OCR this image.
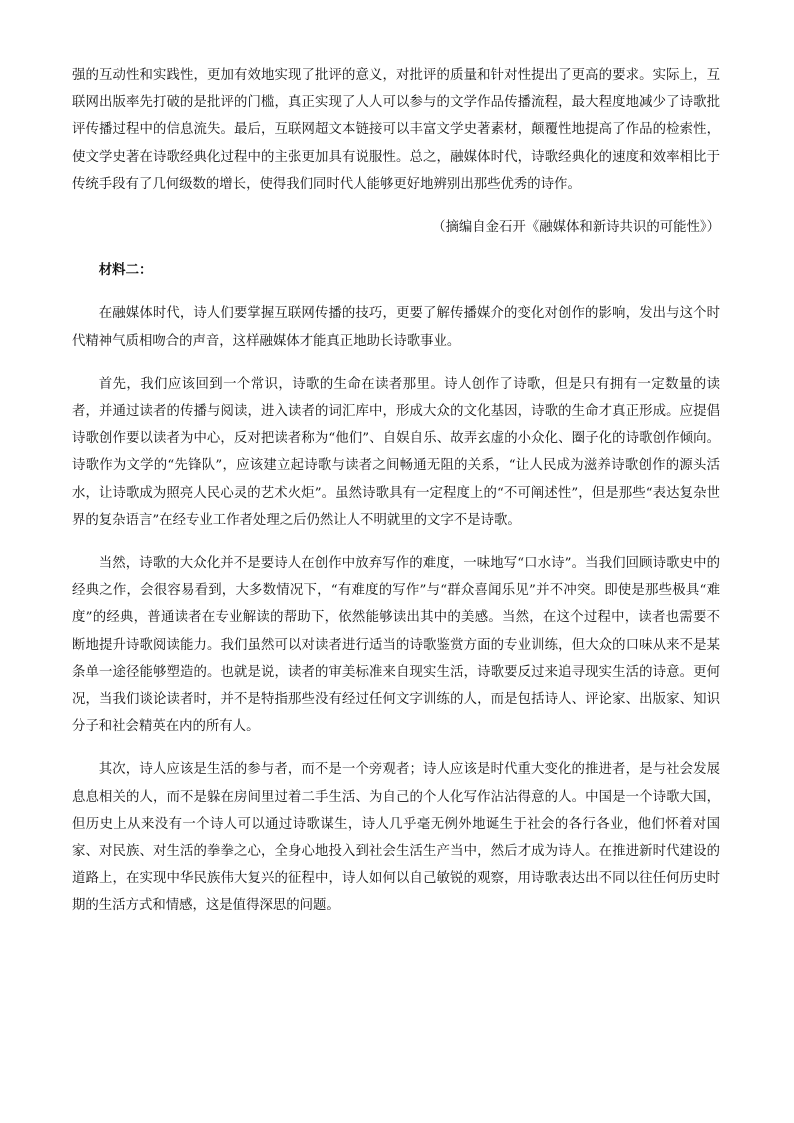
强的互动性和实践性，更加有效地实现了批评的意义，对批评的质量和针对性提出了更高的要求。实际上，互联网出版率先打破的是批评的门槛，真正实现了人人可以参与的文学作品传播流程，最大程度地减少了诗歌批评传播过程中的信息流失。最后，互联网超文本链接可以丰富文学史著素材，颠覆性地提高了作品的检索性，使文学史著在诗歌经典化过程中的主张更加具有说服性。总之，融媒体时代，诗歌经典化的速度和效率相比于传统手段有了几何级数的增长，使得我们同时代人能够更好地辨别出那些优秀的诗作。

（摘编自金石开《融媒体和新诗共识的可能性》）

材料二：

在融媒体时代，诗人们要掌握互联网传播的技巧，更要了解传播媒介的变化对创作的影响，发出与这个时代精神气质相吻合的声音，这样融媒体才能真正地助长诗歌事业。

首先，我们应该回到一个常识，诗歌的生命在读者那里。诗人创作了诗歌，但是只有拥有一定数量的读者，并通过读者的传播与阅读，进入读者的词汇库中，形成大众的文化基因，诗歌的生命才真正形成。应提倡诗歌创作要以读者为中心，反对把读者称为“他们”、自娱自乐、故弄玄虚的小众化、圈子化的诗歌创作倾向。诗歌作为文学的“先锋队”，应该建立起诗歌与读者之间畅通无阻的关系，“让人民成为滋养诗歌创作的源头活水，让诗歌成为照亮人民心灵的艺术火炬”。虽然诗歌具有一定程度上的“不可阐述性”，但是那些“表达复杂世界的复杂语言”在经专业工作者处理之后仍然让人不明就里的文字不是诗歌。

当然，诗歌的大众化并不是要诗人在创作中放弃写作的难度，一味地写“口水诗”。当我们回顾诗歌史中的经典之作，会很容易看到，大多数情况下，“有难度的写作”与“群众喜闻乐见”并不冲突。即使是那些极具“难度”的经典，普通读者在专业解读的帮助下，依然能够读出其中的美感。当然，在这个过程中，读者也需要不断地提升诗歌阅读能力。我们虽然可以对读者进行适当的诗歌鉴赏方面的专业训练，但大众的口味从来不是某条单一途径能够塑造的。也就是说，读者的审美标准来自现实生活，诗歌要反过来追寻现实生活的诗意。更何况，当我们谈论读者时，并不是特指那些没有经过任何文字训练的人，而是包括诗人、评论家、出版家、知识分子和社会精英在内的所有人。

其次，诗人应该是生活的参与者，而不是一个旁观者；诗人应该是时代重大变化的推进者，是与社会发展息息相关的人，而不是躲在房间里过着二手生活、为自己的个人化写作沾沾得意的人。中国是一个诗歌大国，但历史上从来没有一个诗人可以通过诗歌谋生，诗人几乎毫无例外地诞生于社会的各行各业，他们怀着对国家、对民族、对生活的拳拳之心，全身心地投入到社会生活生产当中，然后才成为诗人。在推进新时代建设的道路上，在实现中华民族伟大复兴的征程中，诗人如何以自己敏锐的观察，用诗歌表达出不同以往任何历史时期的生活方式和情感，这是值得深思的问题。
